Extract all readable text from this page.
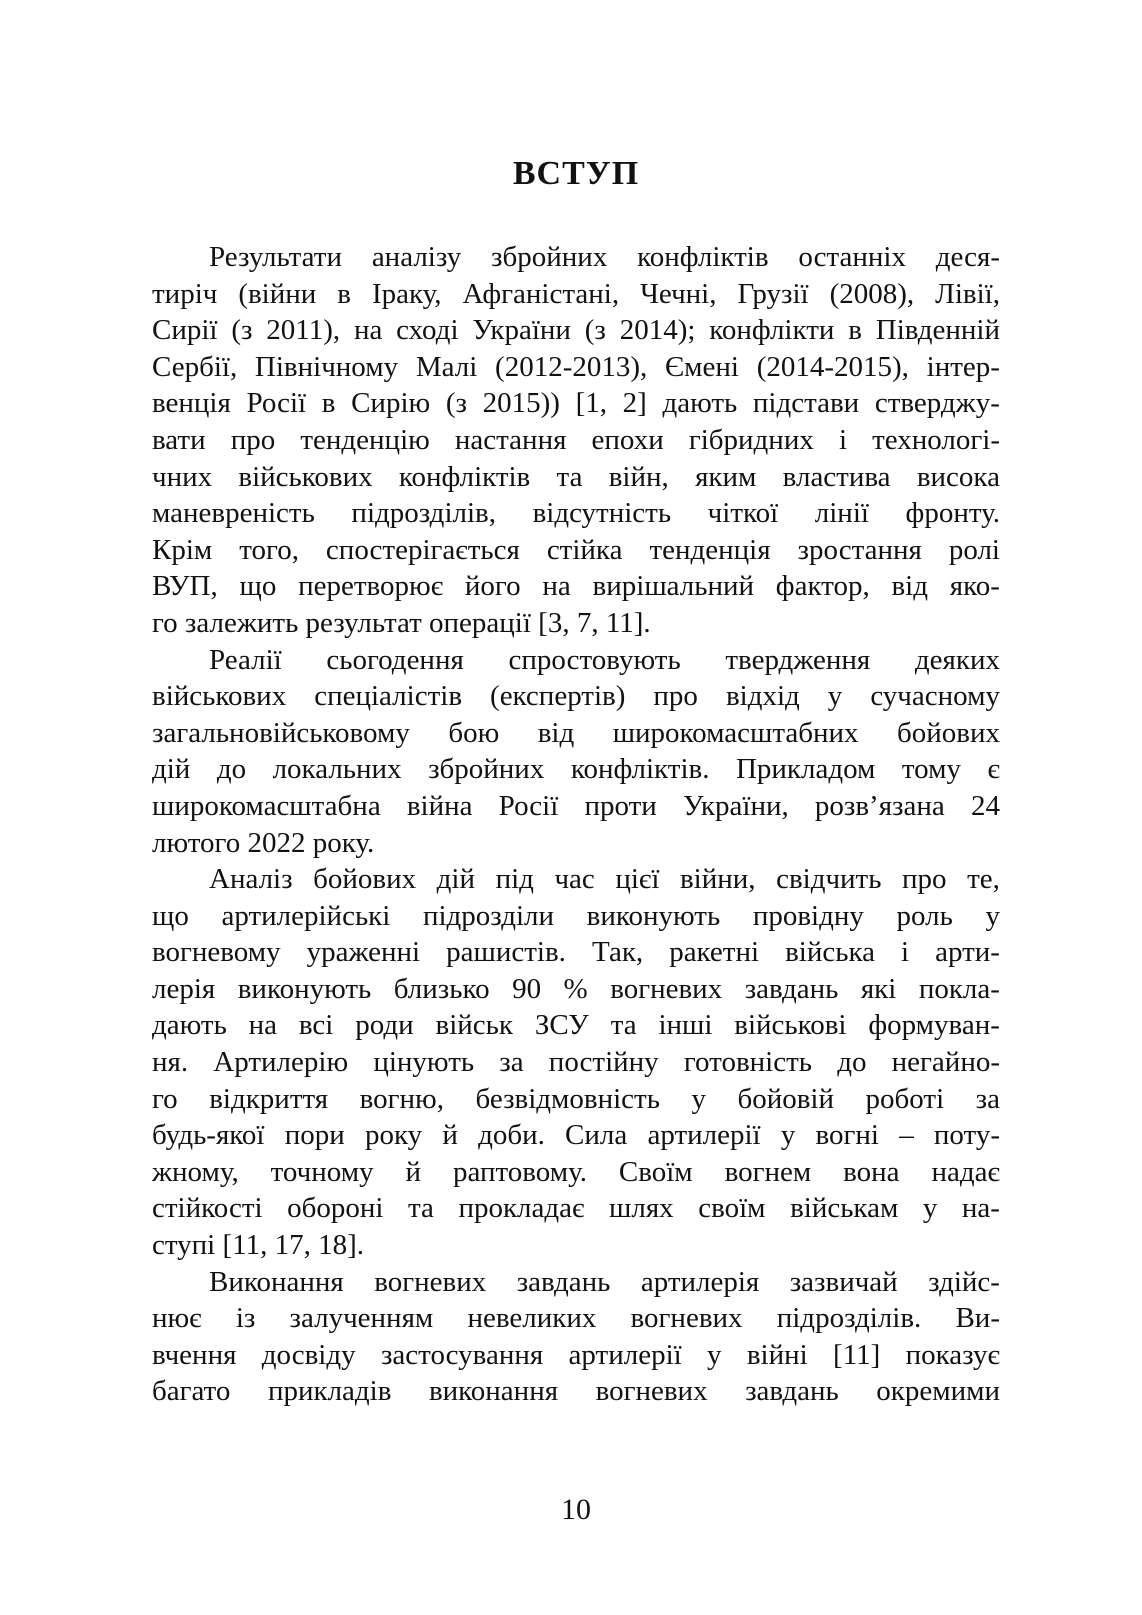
ВСТУП
Результати аналізу збройних конфліктів останніх деся-
тиріч (війни в Іраку, Афганістані, Чечні, Грузії (2008), Лівії,
Сирії (з 2011), на сході України (з 2014); конфлікти в Південній
Сербії, Північному Малі (2012-2013), Ємені (2014-2015), інтер-
венція Росії в Сирію (з 2015)) [1, 2] дають підстави стверджу-
вати про тенденцію настання епохи гібридних і технологі-
чних військових конфліктів та війн, яким властива висока
маневреність підрозділів, відсутність чіткої лінії фронту.
Крім того, спостерігається стійка тенденція зростання ролі
ВУП, що перетворює його на вирішальний фактор, від яко-
го залежить результат операції [3, 7, 11].
Реалії сьогодення спростовують твердження деяких
військових спеціалістів (експертів) про відхід у сучасному
загальновійськовому бою від широкомасштабних бойових
дій до локальних збройних конфліктів. Прикладом тому є
широкомасштабна війна Росії проти України, розв’язана 24
лютого 2022 року.
Аналіз бойових дій під час цієї війни, свідчить про те,
що артилерійські підрозділи виконують провідну роль у
вогневому ураженні рашистів. Так, ракетні війська і арти-
лерія виконують близько 90 % вогневих завдань які покла-
дають на всі роди військ ЗСУ та інші військові формуван-
ня. Артилерію цінують за постійну готовність до негайно-
го відкриття вогню, безвідмовність у бойовій роботі за
будь-якої пори року й доби. Сила артилерії у вогні – поту-
жному, точному й раптовому. Своїм вогнем вона надає
стійкості обороні та прокладає шлях своїм військам у на-
ступі [11, 17, 18].
Виконання вогневих завдань артилерія зазвичай здійс-
нює із залученням невеликих вогневих підрозділів. Ви-
вчення досвіду застосування артилерії у війні [11] показує
багато прикладів виконання вогневих завдань окремими
10
